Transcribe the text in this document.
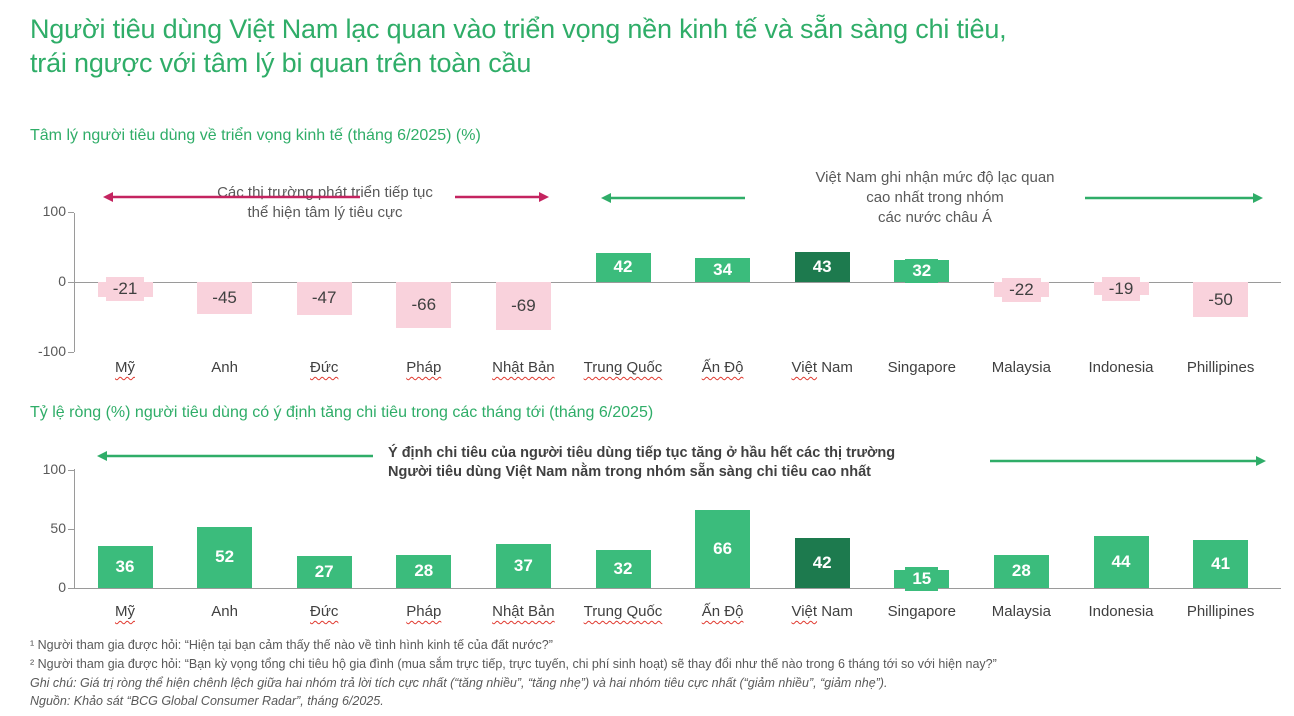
Người tiêu dùng Việt Nam lạc quan vào triển vọng nền kinh tế và sẵn sàng chi tiêu,
trái ngược với tâm lý bi quan trên toàn cầu
Tâm lý người tiêu dùng về triển vọng kinh tế (tháng 6/2025) (%)
Các thị trường phát triển tiếp tục
thể hiện tâm lý tiêu cực
Việt Nam ghi nhận mức độ lạc quan
cao nhất trong nhóm
các nước châu Á
100
0
-100
-21
Mỹ
-45
Anh
-47
Đức
-66
Pháp
-69
Nhật Bản
42
Trung Quốc
34
Ấn Độ
43
Việt Nam
32
Singapore
-22
Malaysia
-19
Indonesia
-50
Phillipines
Tỷ lệ ròng (%) người tiêu dùng có ý định tăng chi tiêu trong các tháng tới (tháng 6/2025)
Ý định chi tiêu của người tiêu dùng tiếp tục tăng ở hầu hết các thị trường
Người tiêu dùng Việt Nam nằm trong nhóm sẵn sàng chi tiêu cao nhất
100
50
0
36
Mỹ
52
Anh
27
Đức
28
Pháp
37
Nhật Bản
32
Trung Quốc
66
Ấn Độ
42
Việt Nam
15
Singapore
28
Malaysia
44
Indonesia
41
Phillipines
¹ Người tham gia được hỏi: “Hiện tại bạn cảm thấy thế nào về tình hình kinh tế của đất nước?”
² Người tham gia được hỏi: “Bạn kỳ vọng tổng chi tiêu hộ gia đình (mua sắm trực tiếp, trực tuyến, chi phí sinh hoạt) sẽ thay đổi như thế nào trong 6 tháng tới so với hiện nay?”
Ghi chú: Giá trị ròng thể hiện chênh lệch giữa hai nhóm trả lời tích cực nhất (“tăng nhiều”, “tăng nhẹ”) và hai nhóm tiêu cực nhất (“giảm nhiều”, “giảm nhẹ”).
Nguồn: Khảo sát “BCG Global Consumer Radar”, tháng 6/2025.
